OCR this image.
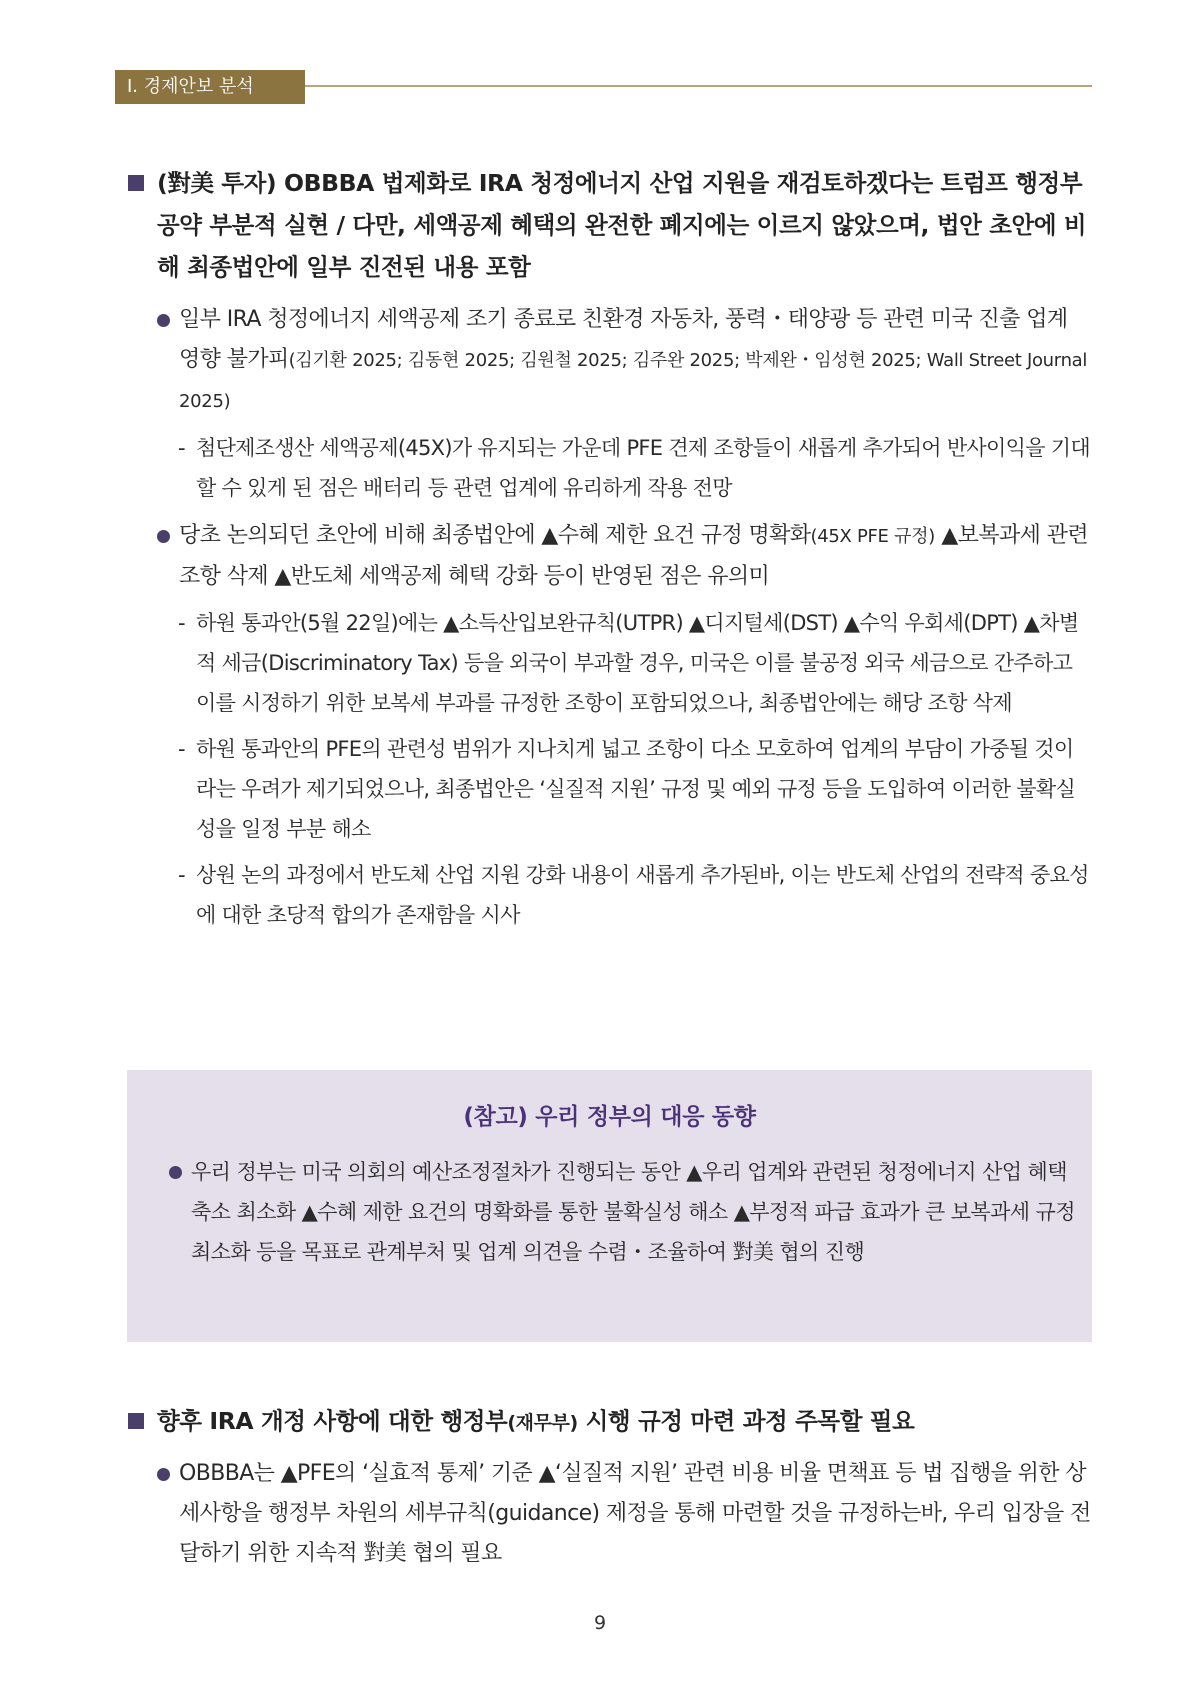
Ⅰ. 경제안보 분석
(對美 투자) OBBBA 법제화로 IRA 청정에너지 산업 지원을 재검토하겠다는 트럼프 행정부 공약 부분적 실현 / 다만, 세액공제 혜택의 완전한 폐지에는 이르지 않았으며, 법안 초안에 비해 최종법안에 일부 진전된 내용 포함
일부 IRA 청정에너지 세액공제 조기 종료로 친환경 자동차, 풍력・태양광 등 관련 미국 진출 업계 영향 불가피(김기환 2025; 김동현 2025; 김원철 2025; 김주완 2025; 박제완・임성현 2025; Wall Street Journal 2025)
- 첨단제조생산 세액공제(45X)가 유지되는 가운데 PFE 견제 조항들이 새롭게 추가되어 반사이익을 기대할 수 있게 된 점은 배터리 등 관련 업계에 유리하게 작용 전망
당초 논의되던 초안에 비해 최종법안에 ▲수혜 제한 요건 규정 명확화(45X PFE 규정) ▲보복과세 관련 조항 삭제 ▲반도체 세액공제 혜택 강화 등이 반영된 점은 유의미
- 하원 통과안(5월 22일)에는 ▲소득산입보완규칙(UTPR) ▲디지털세(DST) ▲수익 우회세(DPT) ▲차별적 세금(Discriminatory Tax) 등을 외국이 부과할 경우, 미국은 이를 불공정 외국 세금으로 간주하고 이를 시정하기 위한 보복세 부과를 규정한 조항이 포함되었으나, 최종법안에는 해당 조항 삭제
- 하원 통과안의 PFE의 관련성 범위가 지나치게 넓고 조항이 다소 모호하여 업계의 부담이 가중될 것이라는 우려가 제기되었으나, 최종법안은 ‘실질적 지원’ 규정 및 예외 규정 등을 도입하여 이러한 불확실성을 일정 부분 해소
- 상원 논의 과정에서 반도체 산업 지원 강화 내용이 새롭게 추가된바, 이는 반도체 산업의 전략적 중요성에 대한 초당적 합의가 존재함을 시사
(참고) 우리 정부의 대응 동향
우리 정부는 미국 의회의 예산조정절차가 진행되는 동안 ▲우리 업계와 관련된 청정에너지 산업 혜택 축소 최소화 ▲수혜 제한 요건의 명확화를 통한 불확실성 해소 ▲부정적 파급 효과가 큰 보복과세 규정 최소화 등을 목표로 관계부처 및 업계 의견을 수렴・조율하여 對美 협의 진행
향후 IRA 개정 사항에 대한 행정부(재무부) 시행 규정 마련 과정 주목할 필요
OBBBA는 ▲PFE의 ‘실효적 통제’ 기준 ▲‘실질적 지원’ 관련 비용 비율 면책표 등 법 집행을 위한 상세사항을 행정부 차원의 세부규칙(guidance) 제정을 통해 마련할 것을 규정하는바, 우리 입장을 전달하기 위한 지속적 對美 협의 필요
9
